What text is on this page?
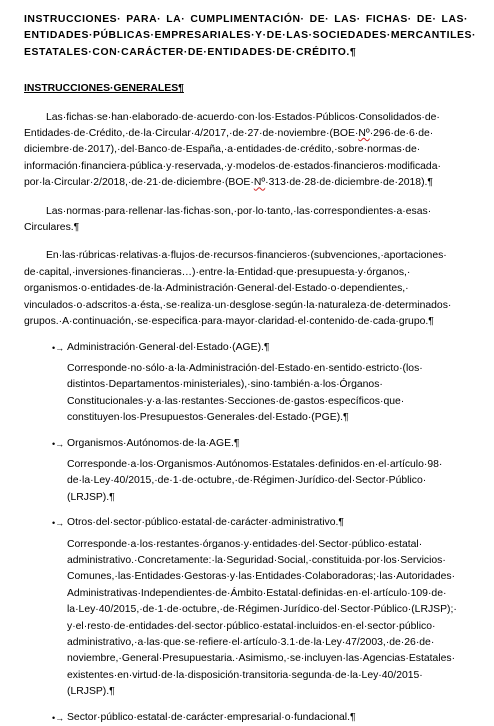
INSTRUCCIONES· PARA· LA· CUMPLIMENTACIÓN· DE· LAS· FICHAS· DE· LAS· ENTIDADES·PÚBLICAS·EMPRESARIALES·Y·DE·LAS·SOCIEDADES·MERCANTILES· ESTATALES·CON·CARÁCTER·DE·ENTIDADES·DE·CRÉDITO.¶

INSTRUCCIONES·GENERALES¶

Las·fichas·se·han·elaborado·de·acuerdo·con·los·Estados·Públicos·Consolidados·de· Entidades·de·Crédito,·de·la·Circular·4/2017,·de·27·de·noviembre·(BOE·Nº·296·de·6·de· diciembre·de·2017),·del·Banco·de·España,·a·entidades·de·crédito,·sobre·normas·de· información·financiera·pública·y·reservada,·y·modelos·de·estados·financieros·modificada· por·la·Circular·2/2018,·de·21·de·diciembre·(BOE·Nº·313·de·28·de·diciembre·de·2018).¶

Las·normas·para·rellenar·las·fichas·son,·por·lo·tanto,·las·correspondientes·a·esas· Circulares.¶

En·las·rúbricas·relativas·a·flujos·de·recursos·financieros·(subvenciones,·aportaciones· de·capital,·inversiones·financieras…)·entre·la·Entidad·que·presupuesta·y·órganos,· organismos·o·entidades·de·la·Administración·General·del·Estado·o·dependientes,· vinculados·o·adscritos·a·ésta,·se·realiza·un·desglose·según·la·naturaleza·de·determinados· grupos.·A·continuación,·se·especifica·para·mayor·claridad·el·contenido·de·cada·grupo.¶

•→ Administración·General·del·Estado·(AGE).¶

Corresponde·no·sólo·a·la·Administración·del·Estado·en·sentido·estricto·(los· distintos·Departamentos·ministeriales),·sino·también·a·los·Órganos· Constitucionales·y·a·las·restantes·Secciones·de·gastos·específicos·que· constituyen·los·Presupuestos·Generales·del·Estado·(PGE).¶

•→ Organismos·Autónomos·de·la·AGE.¶

Corresponde·a·los·Organismos·Autónomos·Estatales·definidos·en·el·artículo·98· de·la·Ley·40/2015,·de·1·de·octubre,·de·Régimen·Jurídico·del·Sector·Público· (LRJSP).¶

•→ Otros·del·sector·público·estatal·de·carácter·administrativo.¶

Corresponde·a·los·restantes·órganos·y·entidades·del·Sector·público·estatal· administrativo.·Concretamente:·la·Seguridad·Social,·constituida·por·los·Servicios· Comunes,·las·Entidades·Gestoras·y·las·Entidades·Colaboradoras;·las·Autoridades· Administrativas·Independientes·de·Ámbito·Estatal·definidas·en·el·artículo·109·de· la·Ley·40/2015,·de·1·de·octubre,·de·Régimen·Jurídico·del·Sector·Público·(LRJSP);· y·el·resto·de·entidades·del·sector·público·estatal·incluidos·en·el·sector·público· administrativo,·a·las·que·se·refiere·el·artículo·3.1·de·la·Ley·47/2003,·de·26·de· noviembre,·General·Presupuestaria.·Asimismo,·se·incluyen·las·Agencias·Estatales· existentes·en·virtud·de·la·disposición·transitoria·segunda·de·la·Ley·40/2015· (LRJSP).¶

•→ Sector·público·estatal·de·carácter·empresarial·o·fundacional.¶
